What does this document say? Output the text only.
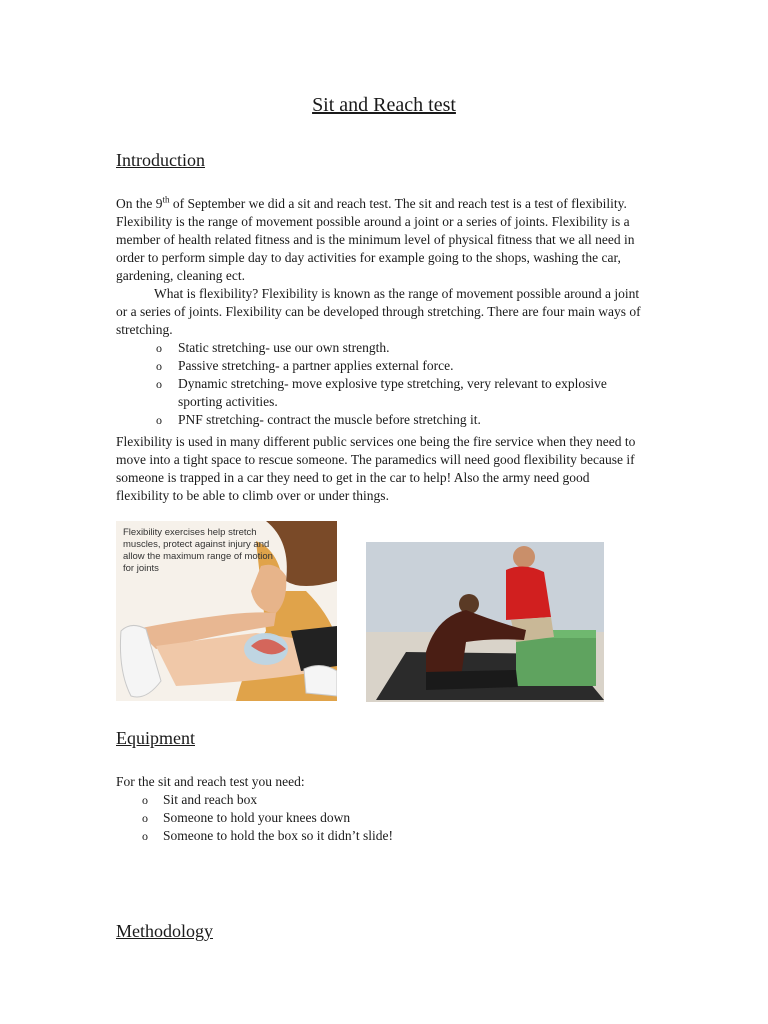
Sit and Reach test
Introduction

On the 9th of September we did a sit and reach test. The sit and reach test is a test of flexibility. Flexibility is the range of movement possible around a joint or a series of joints. Flexibility is a member of health related fitness and is the minimum level of physical fitness that we all need in order to perform simple day to day activities for example going to the shops, washing the car, gardening, cleaning ect.

What is flexibility? Flexibility is known as the range of movement possible around a joint or a series of joints. Flexibility can be developed through stretching. There are four main ways of stretching.

o Static stretching- use our own strength.
o Passive stretching- a partner applies external force.
o Dynamic stretching- move explosive type stretching, very relevant to explosive sporting activities.
o PNF stretching- contract the muscle before stretching it.

Flexibility is used in many different public services one being the fire service when they need to move into a tight space to rescue someone. The paramedics will need good flexibility because if someone is trapped in a car they need to get in the car to help! Also the army need good flexibility to be able to climb over or under things.

Flexibility exercises help stretch muscles, protect against injury and allow the maximum range of motion for joints
Equipment

For the sit and reach test you need:

o Sit and reach box
o Someone to hold your knees down
o Someone to hold the box so it didn’t slide!
Methodology
